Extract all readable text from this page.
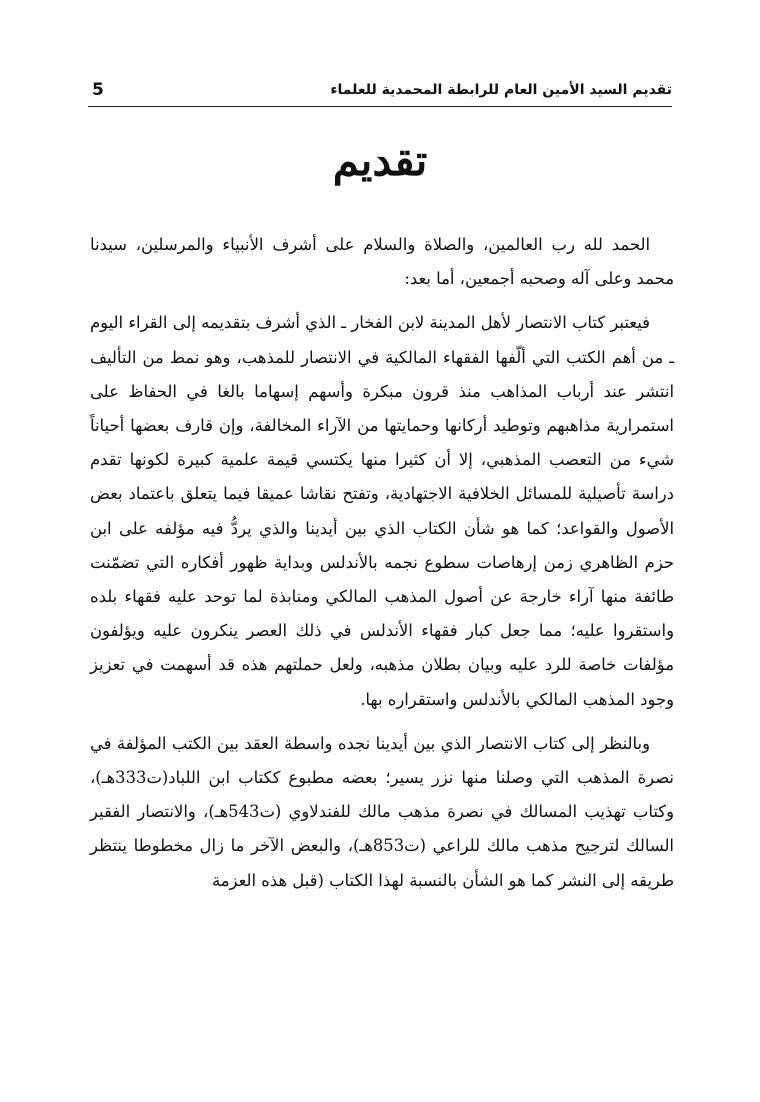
تقديم السيد الأمين العام للرابطة المحمدية للعلماء
5
تقديم

الحمد لله رب العالمين، والصلاة والسلام على أشرف الأنبياء والمرسلين، سيدنا محمد وعلى آله وصحبه أجمعين، أما بعد:

فيعتبر كتاب الانتصار لأهل المدينة لابن الفخار ـ الذي أشرف بتقديمه إلى القراء اليوم ـ من أهم الكتب التي ألّفها الفقهاء المالكية في الانتصار للمذهب، وهو نمط من التأليف انتشر عند أرباب المذاهب منذ قرون مبكرة وأسهم إسهاما بالغا في الحفاظ على استمرارية مذاهبهم وتوطيد أركانها وحمايتها من الآراء المخالفة، وإن قارف بعضها أحياناً شيء من التعصب المذهبي، إلا أن كثيرا منها يكتسي قيمة علمية كبيرة لكونها تقدم دراسة تأصيلية للمسائل الخلافية الاجتهادية، وتفتح نقاشا عميقا فيما يتعلق باعتماد بعض الأصول والقواعد؛ كما هو شأن الكتاب الذي بين أيدينا والذي يردُّ فيه مؤلفه على ابن حزم الظاهري زمن إرهاصات سطوع نجمه بالأندلس وبداية ظهور أفكاره التي تضمّنت طائفة منها آراء خارجة عن أصول المذهب المالكي ومنابذة لما توحد عليه فقهاء بلده واستقروا عليه؛ مما جعل كبار فقهاء الأندلس في ذلك العصر ينكرون عليه ويؤلفون مؤلفات خاصة للرد عليه وبيان بطلان مذهبه، ولعل حملتهم هذه قد أسهمت في تعزيز وجود المذهب المالكي بالأندلس واستقراره بها.

وبالنظر إلى كتاب الانتصار الذي بين أيدينا نجده واسطة العقد بين الكتب المؤلفة في نصرة المذهب التي وصلنا منها نزر يسير؛ بعضه مطبوع ككتاب ابن اللباد(ت333هـ)، وكتاب تهذيب المسالك في نصرة مذهب مالك للفندلاوي (ت543هـ)، والانتصار الفقير السالك لترجيح مذهب مالك للراعي (ت853هـ)، والبعض الآخر ما زال مخطوطا ينتظر طريقه إلى النشر كما هو الشأن بالنسبة لهذا الكتاب (قبل هذه العزمة
